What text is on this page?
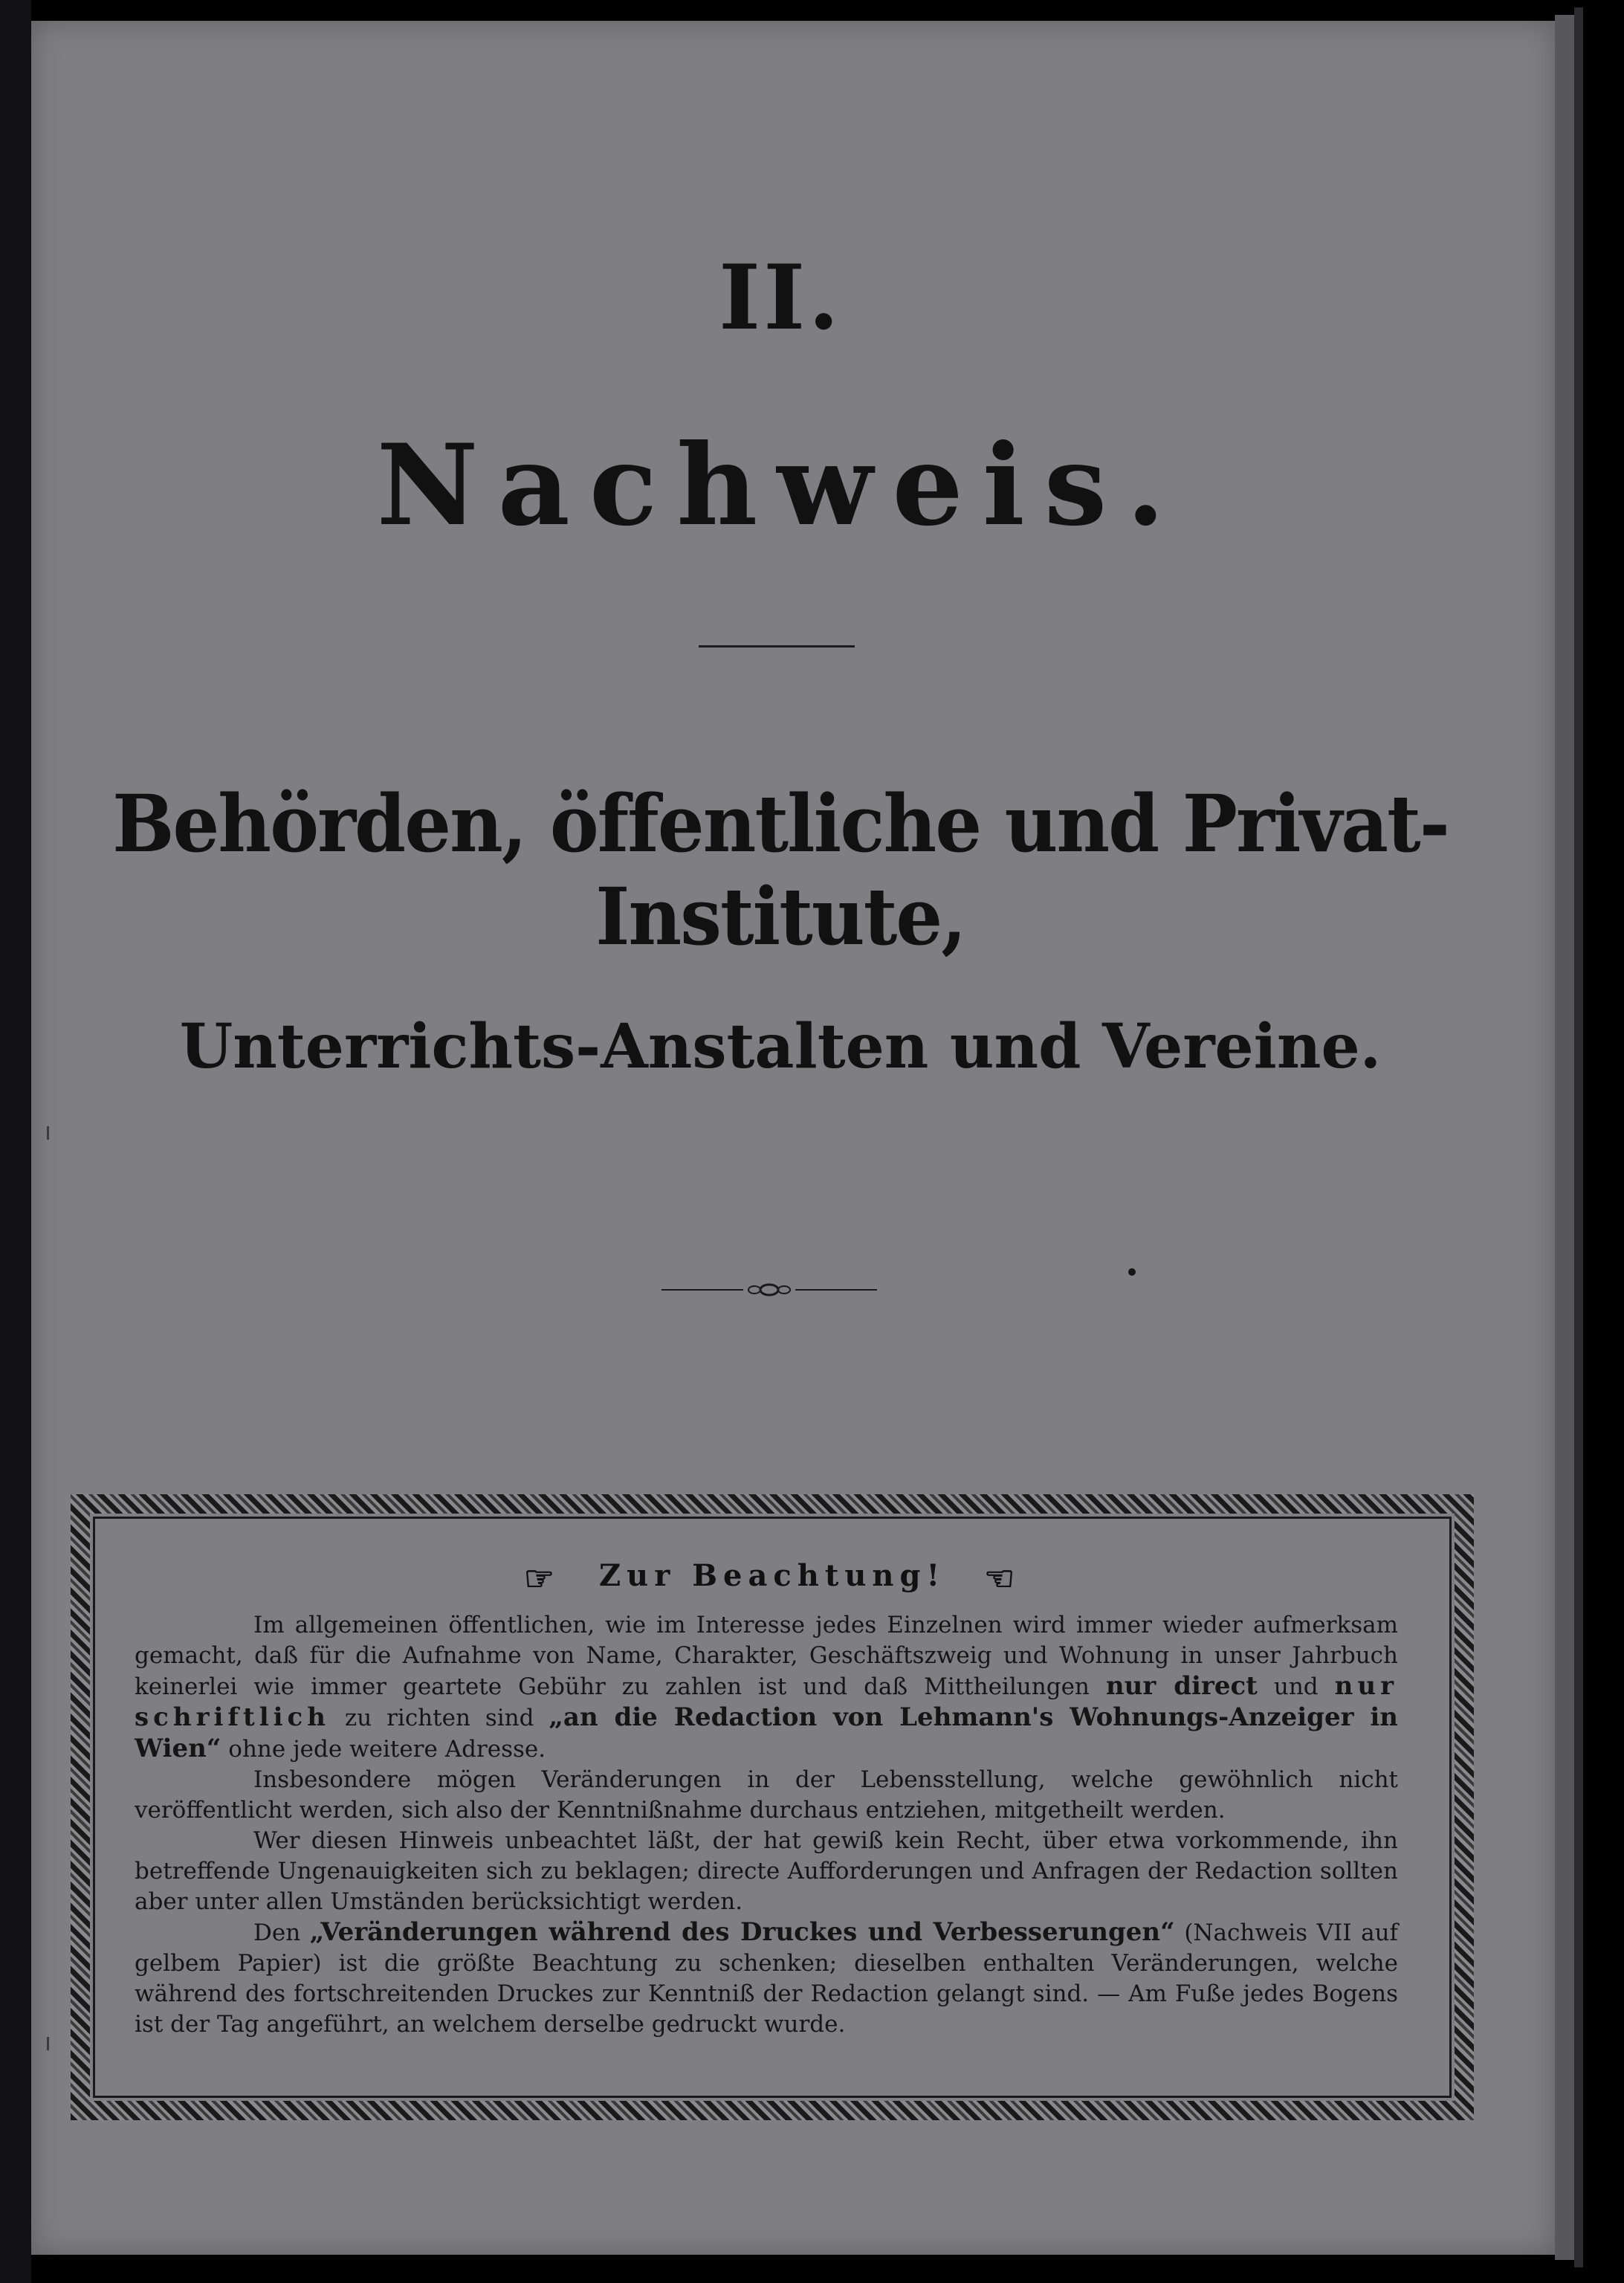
II.
Nachweis.
Behörden, öffentliche und Privat-Institute,
Unterrichts-Anstalten und Vereine.
☞ Zur Beachtung! ☜

Im allgemeinen öffentlichen, wie im Interesse jedes Einzelnen wird immer wieder aufmerksam gemacht, daß für die Aufnahme von Name, Charakter, Geschäftszweig und Wohnung in unser Jahrbuch keinerlei wie immer geartete Gebühr zu zahlen ist und daß Mittheilungen nur direct und nur schriftlich zu richten sind „an die Redaction von Lehmann's Wohnungs-Anzeiger in Wien“ ohne jede weitere Adresse.

Insbesondere mögen Veränderungen in der Lebensstellung, welche gewöhnlich nicht veröffentlicht werden, sich also der Kenntnißnahme durchaus entziehen, mitgetheilt werden.

Wer diesen Hinweis unbeachtet läßt, der hat gewiß kein Recht, über etwa vorkommende, ihn betreffende Ungenauigkeiten sich zu beklagen; directe Aufforderungen und Anfragen der Redaction sollten aber unter allen Umständen berücksichtigt werden.

Den „Veränderungen während des Druckes und Verbesserungen“ (Nachweis VII auf gelbem Papier) ist die größte Beachtung zu schenken; dieselben enthalten Veränderungen, welche während des fortschreitenden Druckes zur Kenntniß der Redaction gelangt sind. — Am Fuße jedes Bogens ist der Tag angeführt, an welchem derselbe gedruckt wurde.
